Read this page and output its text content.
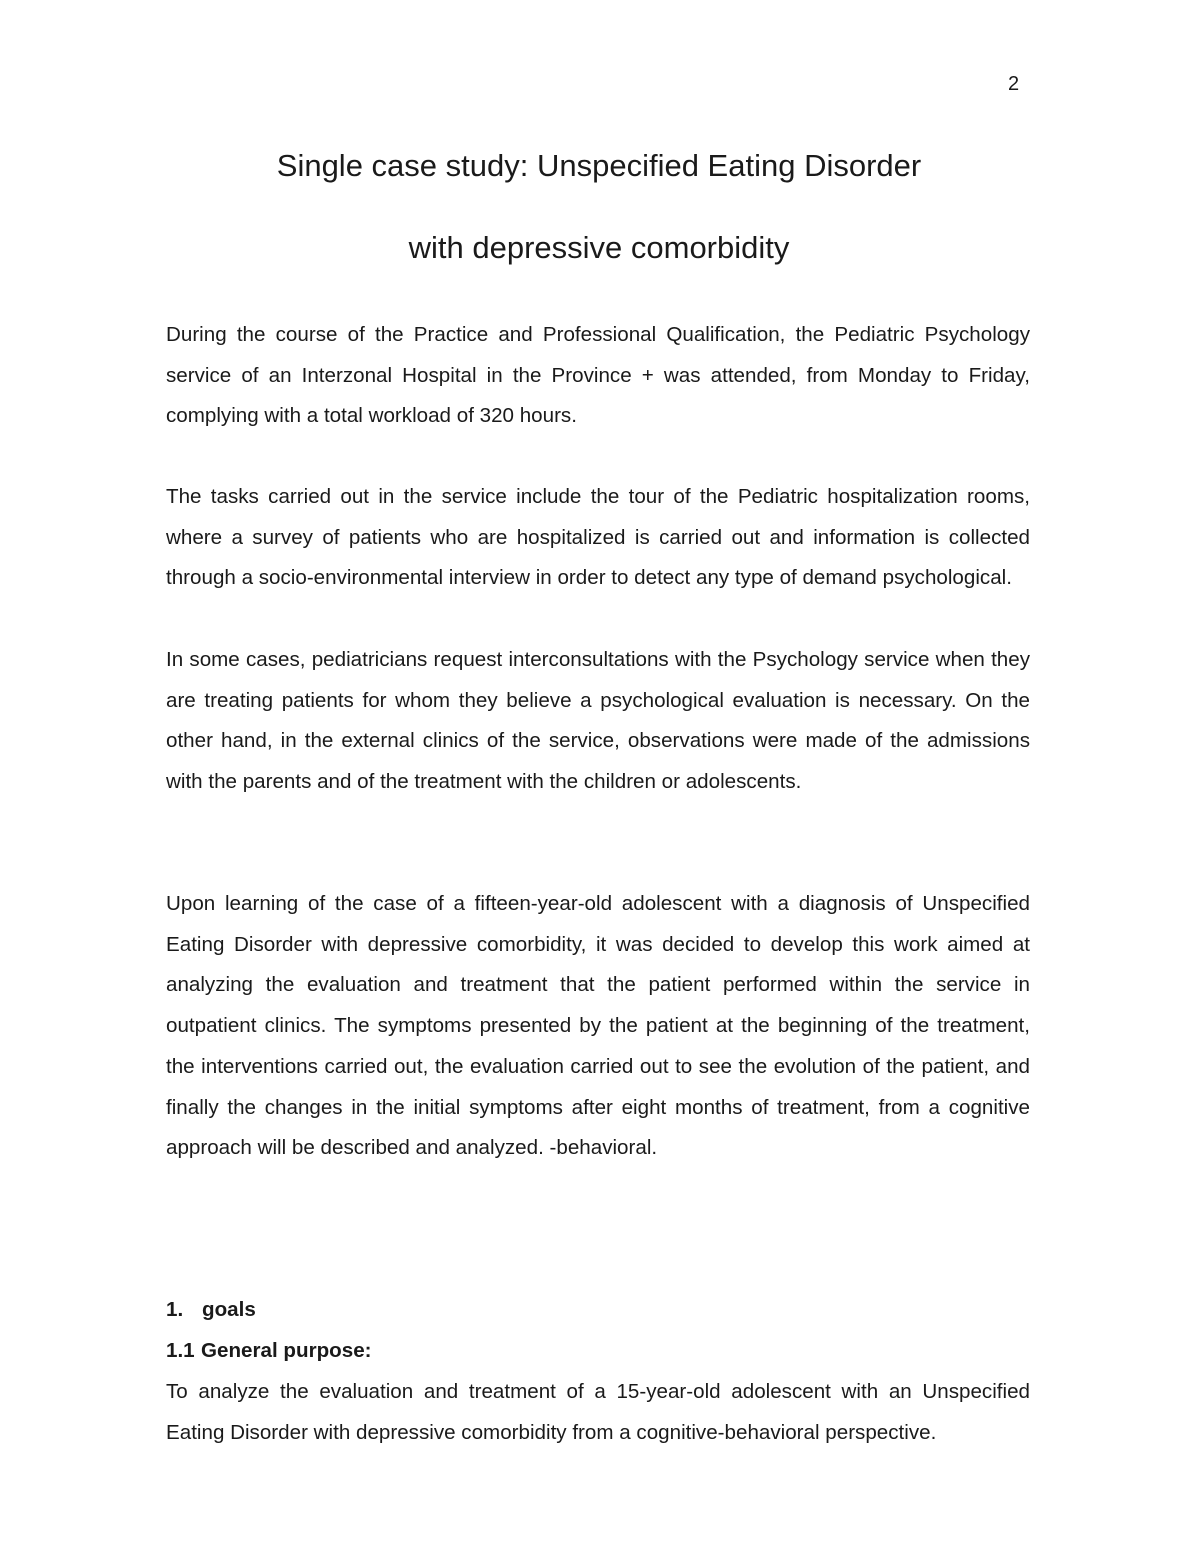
2
Single case study: Unspecified Eating Disorder
with depressive comorbidity

During the course of the Practice and Professional Qualification, the Pediatric Psychology service of an Interzonal Hospital in the Province + was attended, from Monday to Friday, complying with a total workload of 320 hours.

The tasks carried out in the service include the tour of the Pediatric hospitalization rooms, where a survey of patients who are hospitalized is carried out and information is collected through a socio-environmental interview in order to detect any type of demand psychological.

In some cases, pediatricians request interconsultations with the Psychology service when they are treating patients for whom they believe a psychological evaluation is necessary. On the other hand, in the external clinics of the service, observations were made of the admissions with the parents and of the treatment with the children or adolescents.

Upon learning of the case of a fifteen-year-old adolescent with a diagnosis of Unspecified Eating Disorder with depressive comorbidity, it was decided to develop this work aimed at analyzing the evaluation and treatment that the patient performed within the service in outpatient clinics. The symptoms presented by the patient at the beginning of the treatment, the interventions carried out, the evaluation carried out to see the evolution of the patient, and finally the changes in the initial symptoms after eight months of treatment, from a cognitive approach will be described and analyzed. -behavioral.

1. goals
1.1 General purpose:

To analyze the evaluation and treatment of a 15-year-old adolescent with an Unspecified Eating Disorder with depressive comorbidity from a cognitive-behavioral perspective.
